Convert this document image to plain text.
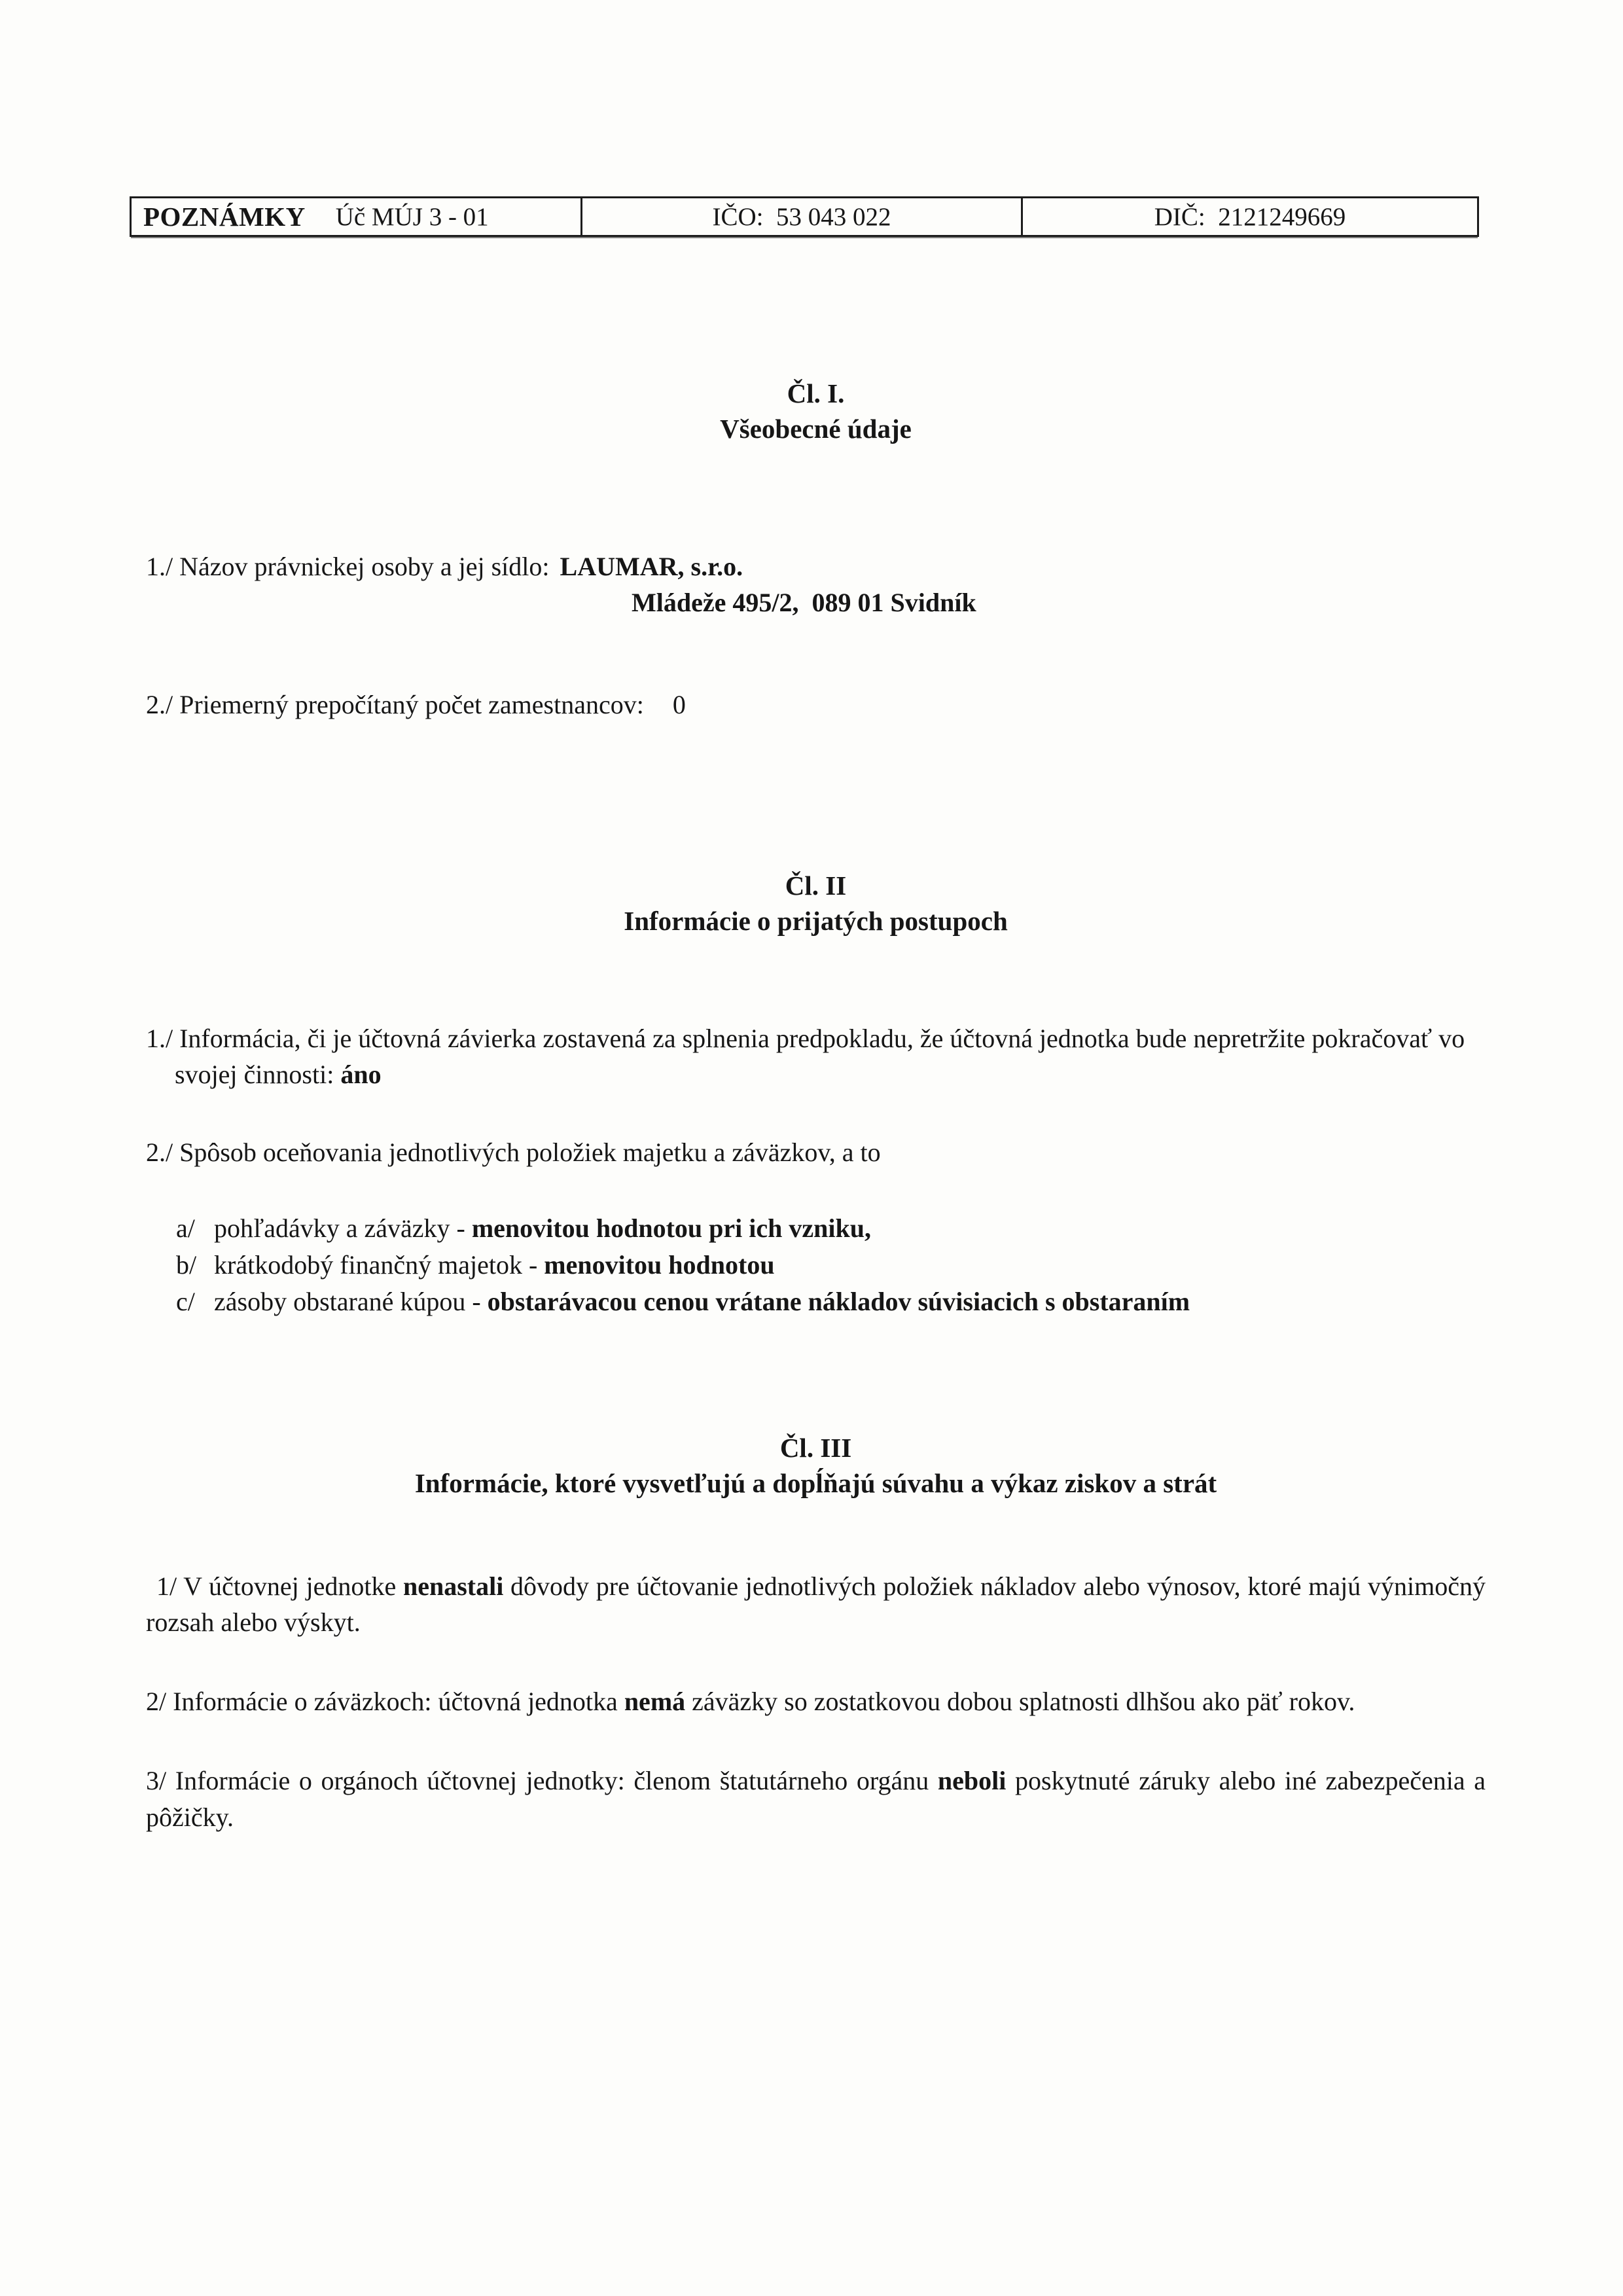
POZNÁMKY Úč MÚJ 3 - 01	IČO:  53 043 022	DIČ:  2121249669
Čl. I.
Všeobecné údaje
1./ Názov právnickej osoby a jej sídlo: LAUMAR, s.r.o.
Mládeže 495/2,  089 01 Svidník
2./ Priemerný prepočítaný počet zamestnancov: 0
Čl. II
Informácie o prijatých postupoch
1./ Informácia, či je účtovná závierka zostavená za splnenia predpokladu, že účtovná jednotka bude nepretržite pokračovať vo svojej činnosti: áno
2./ Spôsob oceňovania jednotlivých položiek majetku a záväzkov, a to
a/ pohľadávky a záväzky - menovitou hodnotou pri ich vzniku,
b/ krátkodobý finančný majetok - menovitou hodnotou
c/ zásoby obstarané kúpou - obstarávacou cenou vrátane nákladov súvisiacich s obstaraním
Čl. III
Informácie, ktoré vysvetľujú a dopĺňajú súvahu a výkaz ziskov a strát
1/ V účtovnej jednotke nenastali dôvody pre účtovanie jednotlivých položiek nákladov alebo výnosov, ktoré majú výnimočný rozsah alebo výskyt.
2/ Informácie o záväzkoch: účtovná jednotka nemá záväzky so zostatkovou dobou splatnosti dlhšou ako päť rokov.
3/ Informácie o orgánoch účtovnej jednotky: členom štatutárneho orgánu neboli poskytnuté záruky alebo iné zabezpečenia a pôžičky.
